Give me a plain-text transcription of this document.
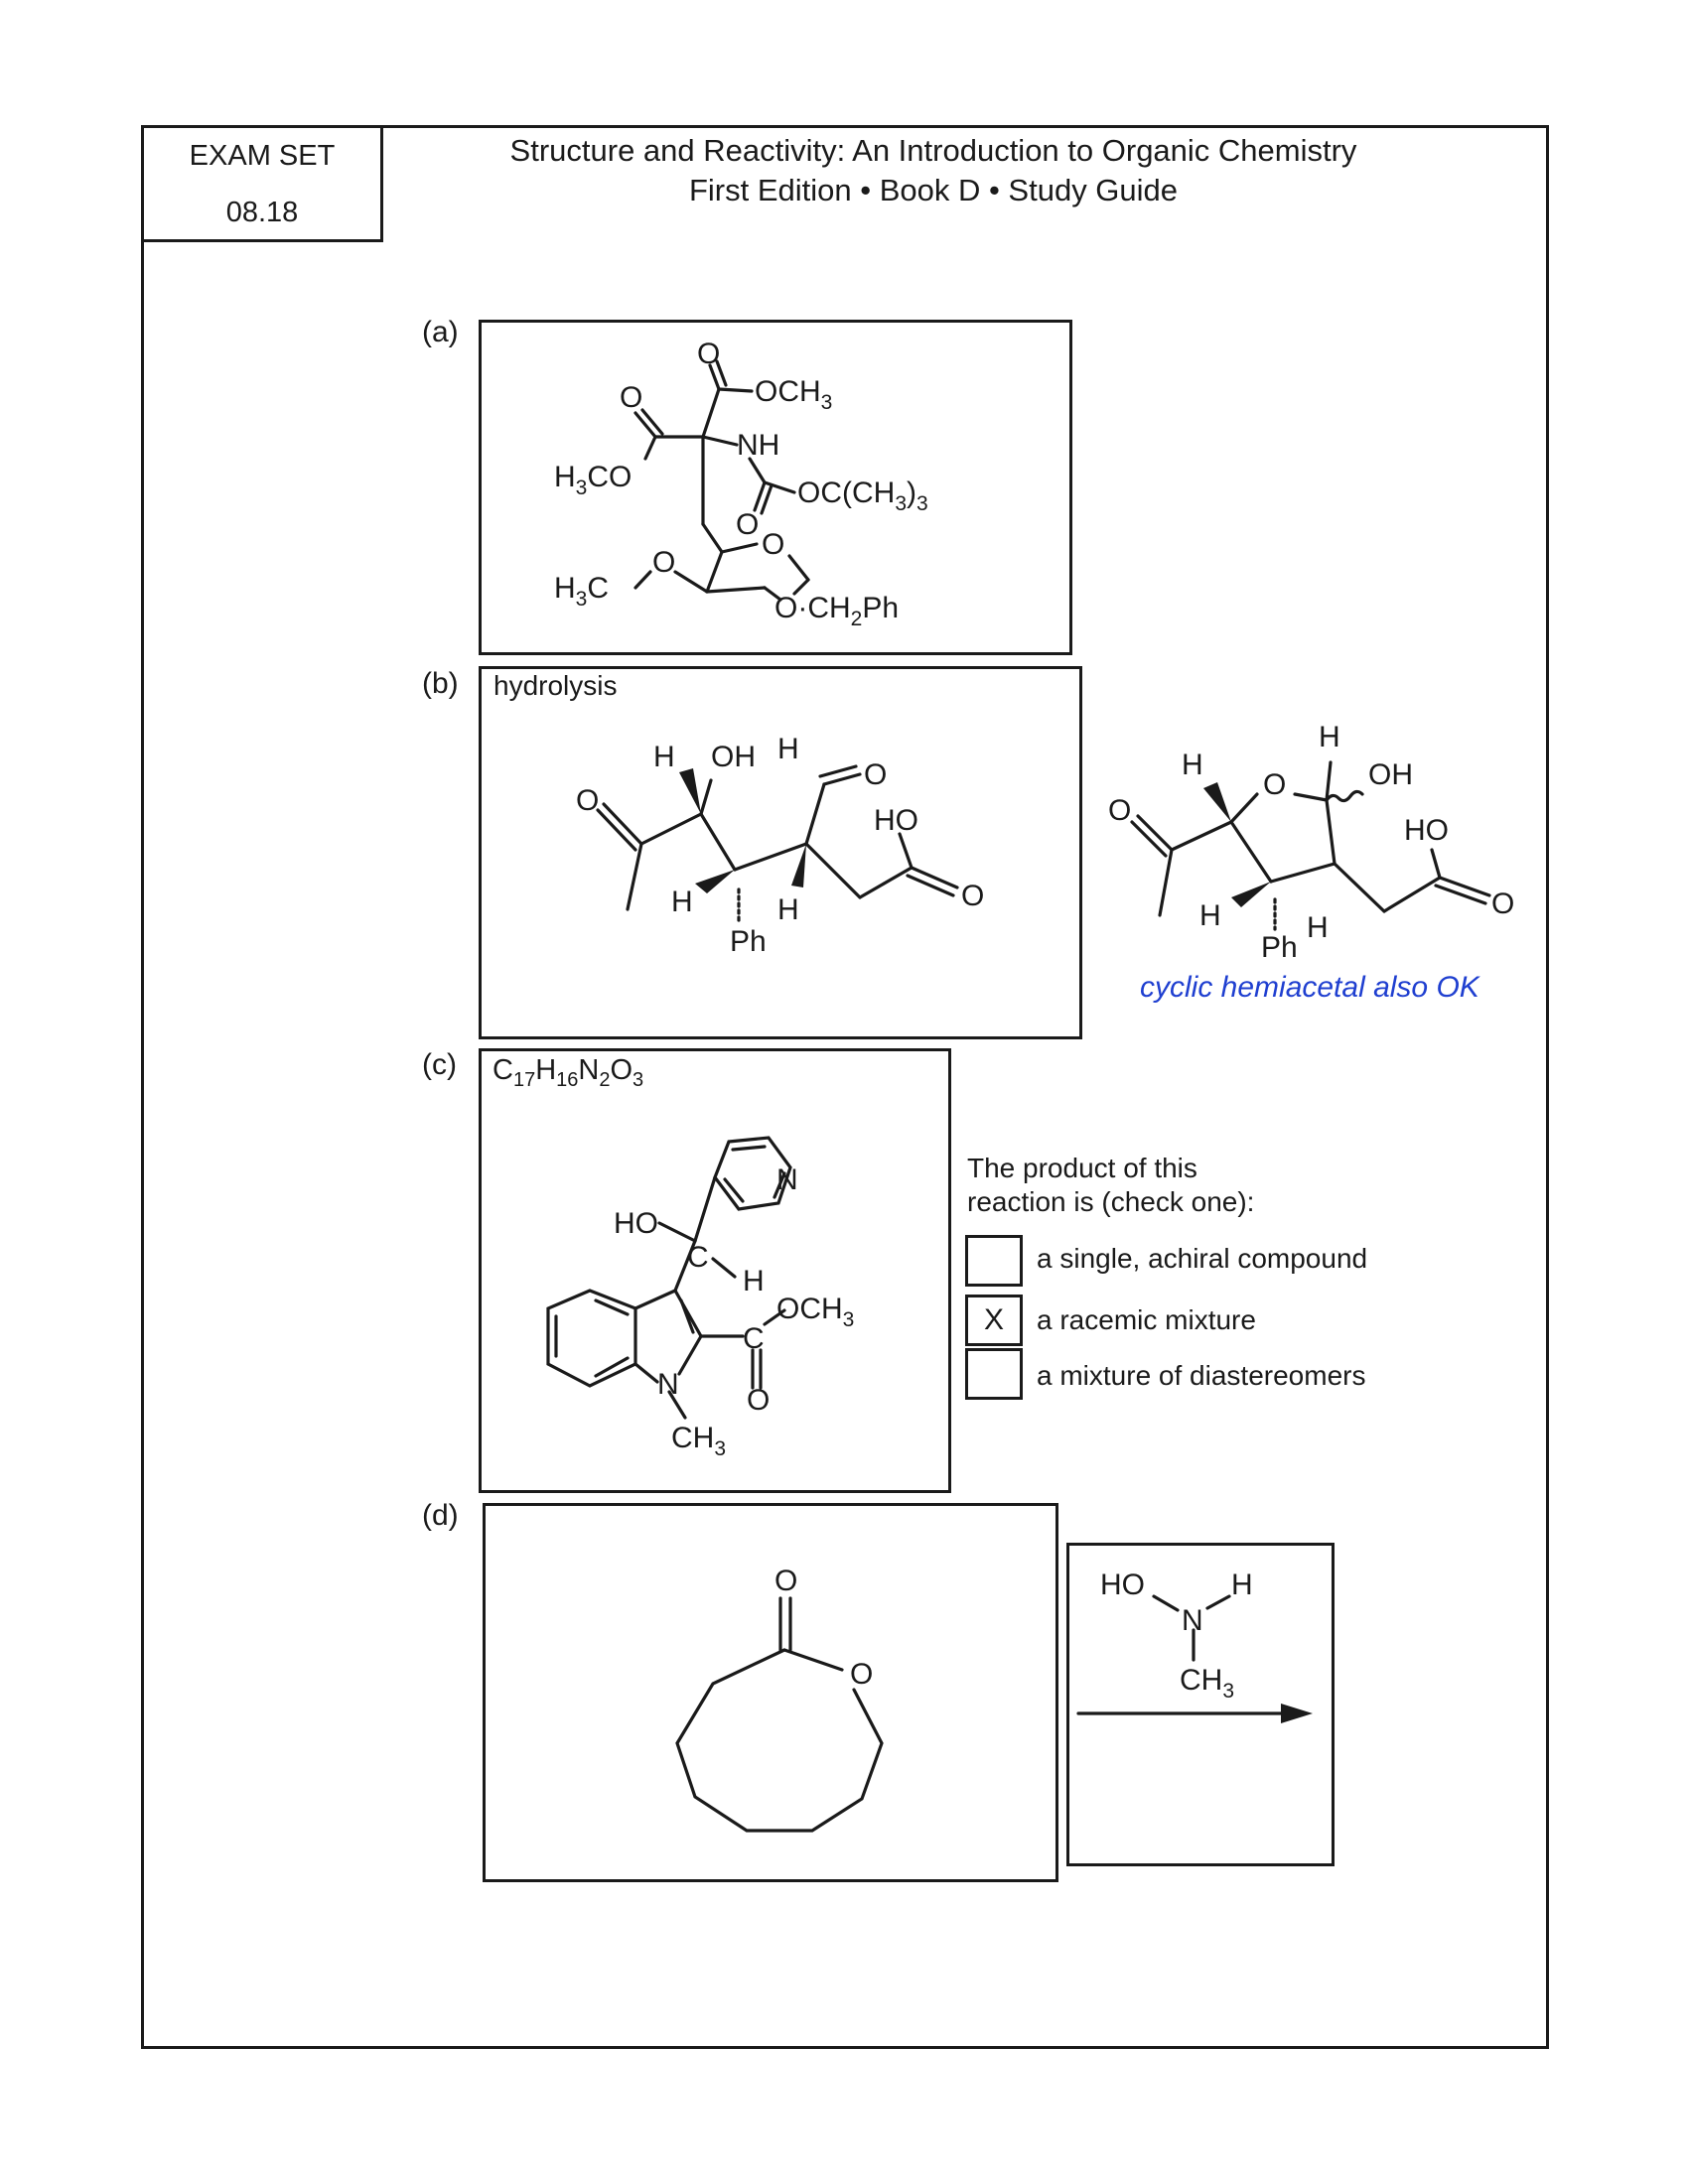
EXAM SET
08.18
Structure and Reactivity: An Introduction to Organic Chemistry
First Edition • Book D • Study Guide
(a)
O
$OCH_3$
O
NH
$H_3CO$	$OC(CH_3)_3$
O
O
$H_3C$
O
$O\cdot CH_2Ph$
(b) hydrolysis
H OH H
O
O
HO
O
H	H
Ph
H
H
O	OH
HO
O
O
H	H
Ph
cyclic hemiacetal also OK
(c) $C_{17}H_{16}N_2O_3$
N
HO
C
H
C
$OCH_3$
O
N
$CH_3$
The product of this
reaction is (check one):
a single, achiral compound
X	a racemic mixture
a mixture of diastereomers
(d)
O
O
HO
N
H
$CH_3$
